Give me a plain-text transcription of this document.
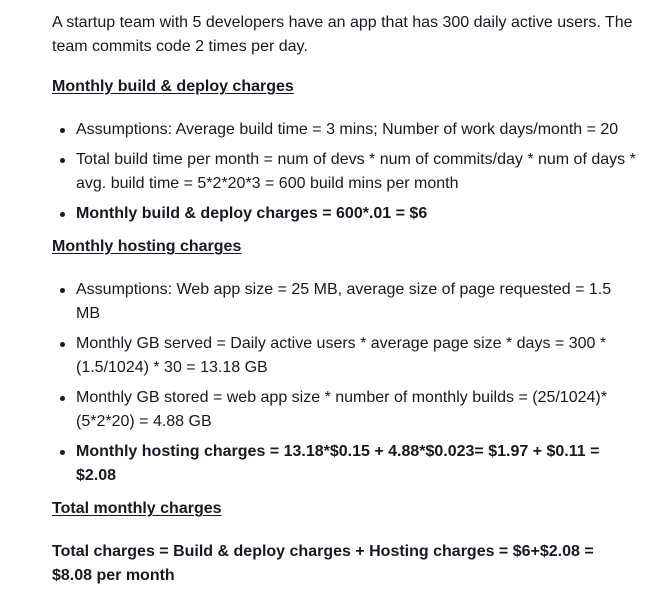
A startup team with 5 developers have an app that has 300 daily active users. The team commits code 2 times per day.

Monthly build & deploy charges

Assumptions: Average build time = 3 mins; Number of work days/month = 20
Total build time per month = num of devs * num of commits/day * num of days * avg. build time = 5*2*20*3 = 600 build mins per month
Monthly build & deploy charges = 600*.01 = $6

Monthly hosting charges

Assumptions: Web app size = 25 MB, average size of page requested = 1.5 MB
Monthly GB served = Daily active users * average page size * days = 300 * (1.5/1024) * 30 = 13.18 GB
Monthly GB stored = web app size * number of monthly builds = (25/1024)* (5*2*20) = 4.88 GB
Monthly hosting charges = 13.18*$0.15 + 4.88*$0.023= $1.97 + $0.11 = $2.08

Total monthly charges

Total charges = Build & deploy charges + Hosting charges = $6+$2.08 = $8.08 per month
